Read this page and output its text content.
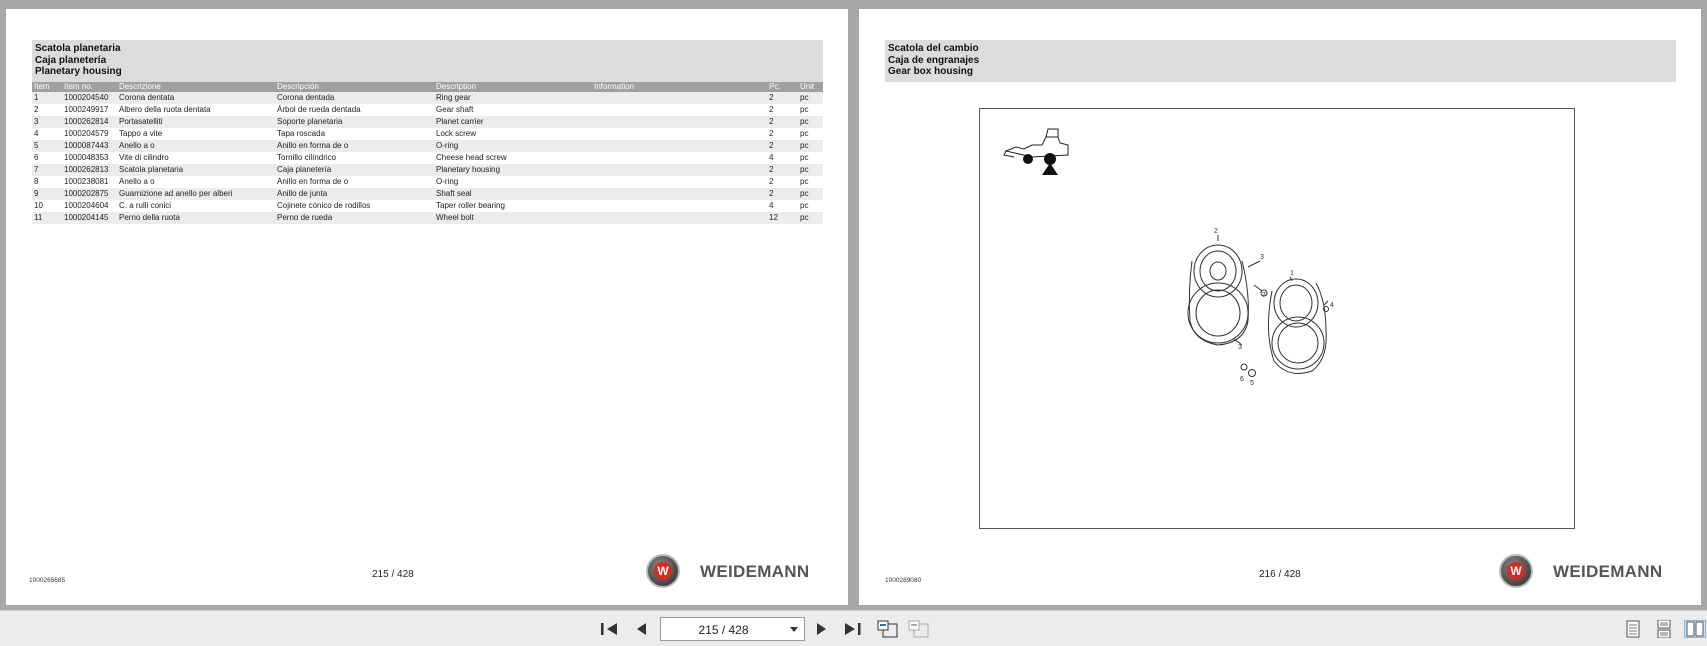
Scatola planetaria
Caja planetería
Planetary housing
Item	Item no.	Descrizione	Descripción	Description	Information	Pc.	Unit
1	1000204540	Corona dentata	Corona dentada	Ring gear		2	pc
2	1000249917	Albero della ruota dentata	Árbol de rueda dentada	Gear shaft		2	pc
3	1000262814	Portasatelliti	Soporte planetaria	Planet carrier		2	pc
4	1000204579	Tappo a vite	Tapa roscada	Lock screw		2	pc
5	1000087443	Anello a o	Anillo en forma de o	O-ring		2	pc
6	1000048353	Vite di cilindro	Tornillo cilíndrico	Cheese head screw		4	pc
7	1000262813	Scatola planetaria	Caja planetería	Planetary housing		2	pc
8	1000238081	Anello a o	Anillo en forma de o	O-ring		2	pc
9	1000202875	Guarnizione ad anello per alberi	Anillo de junta	Shaft seal		2	pc
10	1000204604	C. a rulli conici	Cojinete cónico de rodillos	Taper roller bearing		4	pc
11	1000204145	Perno della ruota	Perno de rueda	Wheel bolt		12	pc
1000265685
215 / 428	W WEIDEMANN
Scatola del cambio
Caja de engranajes
Gear box housing
2
3
1
7
4
3
6
5
1000289080
216 / 428	W WEIDEMANN
215 / 428
